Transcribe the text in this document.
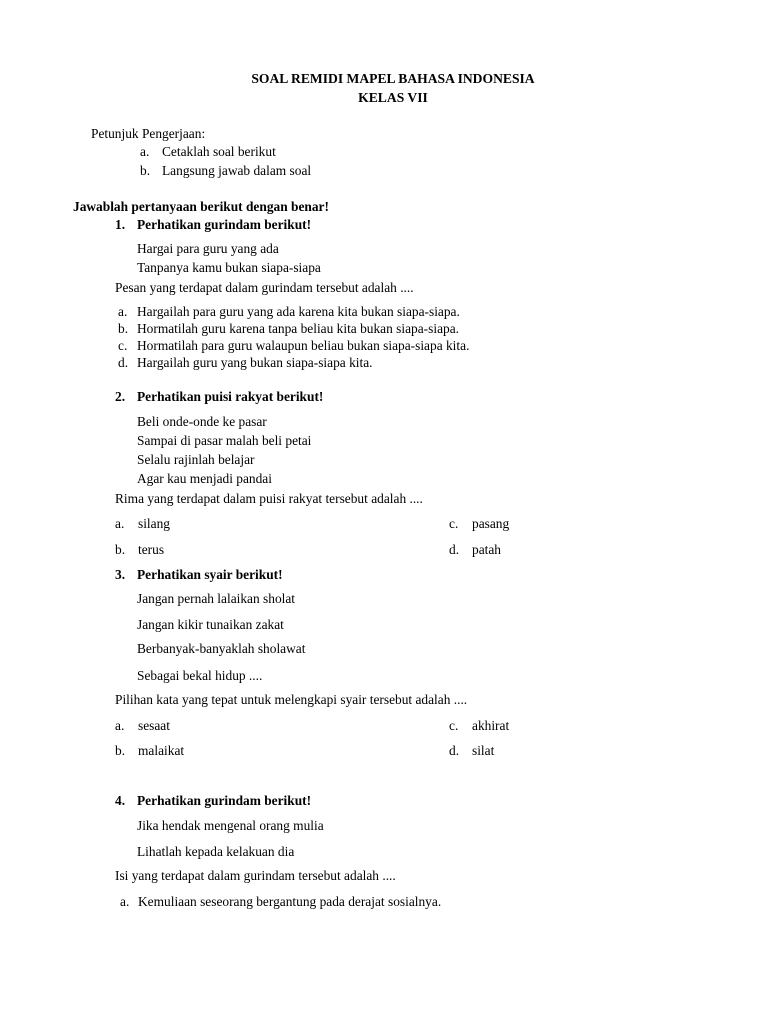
SOAL REMIDI MAPEL BAHASA INDONESIA
KELAS VII
Petunjuk Pengerjaan:
a. Cetaklah soal berikut
b. Langsung jawab dalam soal
Jawablah pertanyaan berikut dengan benar!
1. Perhatikan gurindam berikut!
Hargai para guru yang ada
Tanpanya kamu bukan siapa-siapa
Pesan yang terdapat dalam gurindam tersebut adalah ....
a. Hargailah para guru yang ada karena kita bukan siapa-siapa.
b. Hormatilah guru karena tanpa beliau kita bukan siapa-siapa.
c. Hormatilah para guru walaupun beliau bukan siapa-siapa kita.
d. Hargailah guru yang bukan siapa-siapa kita.
2. Perhatikan puisi rakyat berikut!
Beli onde-onde ke pasar
Sampai di pasar malah beli petai
Selalu rajinlah belajar
Agar kau menjadi pandai
Rima yang terdapat dalam puisi rakyat tersebut adalah ....
a. silang
b. terus
c. pasang
d. patah
3. Perhatikan syair berikut!
Jangan pernah lalaikan sholat
Jangan kikir tunaikan zakat
Berbanyak-banyaklah sholawat
Sebagai bekal hidup ....
Pilihan kata yang tepat untuk melengkapi syair tersebut adalah ....
a. sesaat
b. malaikat
c. akhirat
d. silat
4. Perhatikan gurindam berikut!
Jika hendak mengenal orang mulia
Lihatlah kepada kelakuan dia
Isi yang terdapat dalam gurindam tersebut adalah ....
a. Kemuliaan seseorang bergantung pada derajat sosialnya.
